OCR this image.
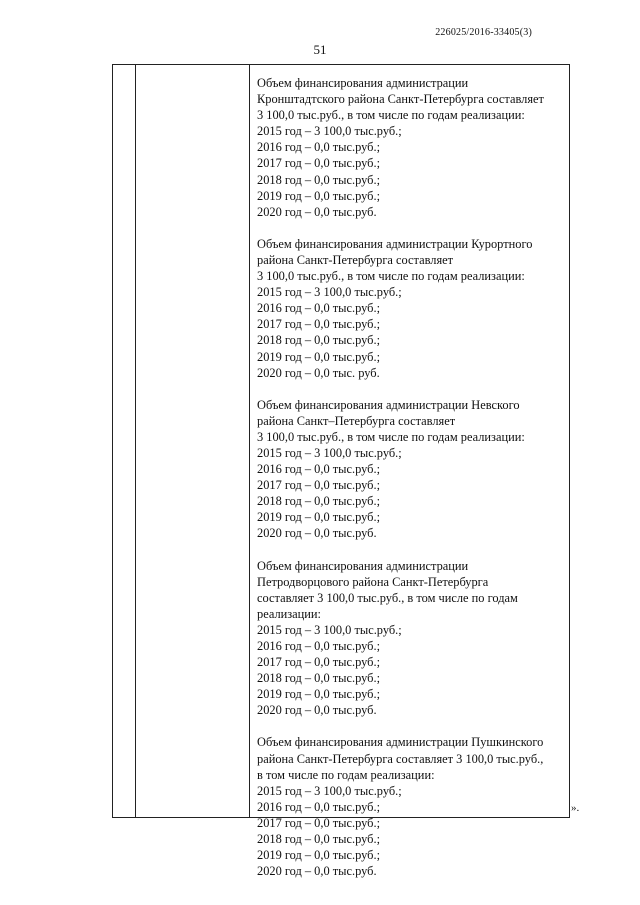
226025/2016-33405(3)
51
Объем финансирования администрации
Кронштадтского района Санкт-Петербурга составляет
3 100,0 тыс.руб., в том числе по годам реализации:
2015 год – 3 100,0 тыс.руб.;
2016 год – 0,0 тыс.руб.;
2017 год – 0,0 тыс.руб.;
2018 год – 0,0 тыс.руб.;
2019 год – 0,0 тыс.руб.;
2020 год – 0,0 тыс.руб.
Объем финансирования администрации Курортного
района Санкт-Петербурга составляет
3 100,0 тыс.руб., в том числе по годам реализации:
2015 год – 3 100,0 тыс.руб.;
2016 год – 0,0 тыс.руб.;
2017 год – 0,0 тыс.руб.;
2018 год – 0,0 тыс.руб.;
2019 год – 0,0 тыс.руб.;
2020 год – 0,0 тыс. руб.
Объем финансирования администрации Невского
района Санкт–Петербурга составляет
3 100,0 тыс.руб., в том числе по годам реализации:
2015 год – 3 100,0 тыс.руб.;
2016 год – 0,0 тыс.руб.;
2017 год – 0,0 тыс.руб.;
2018 год – 0,0 тыс.руб.;
2019 год – 0,0 тыс.руб.;
2020 год – 0,0 тыс.руб.
Объем финансирования администрации
Петродворцового района Санкт-Петербурга
составляет 3 100,0 тыс.руб., в том числе по годам
реализации:
2015 год – 3 100,0 тыс.руб.;
2016 год – 0,0 тыс.руб.;
2017 год – 0,0 тыс.руб.;
2018 год – 0,0 тыс.руб.;
2019 год – 0,0 тыс.руб.;
2020 год – 0,0 тыс.руб.
Объем финансирования администрации Пушкинского
района Санкт-Петербурга составляет 3 100,0 тыс.руб.,
в том числе по годам реализации:
2015 год – 3 100,0 тыс.руб.;
2016 год – 0,0 тыс.руб.;
2017 год – 0,0 тыс.руб.;
2018 год – 0,0 тыс.руб.;
2019 год – 0,0 тыс.руб.;
2020 год – 0,0 тыс.руб.
».
